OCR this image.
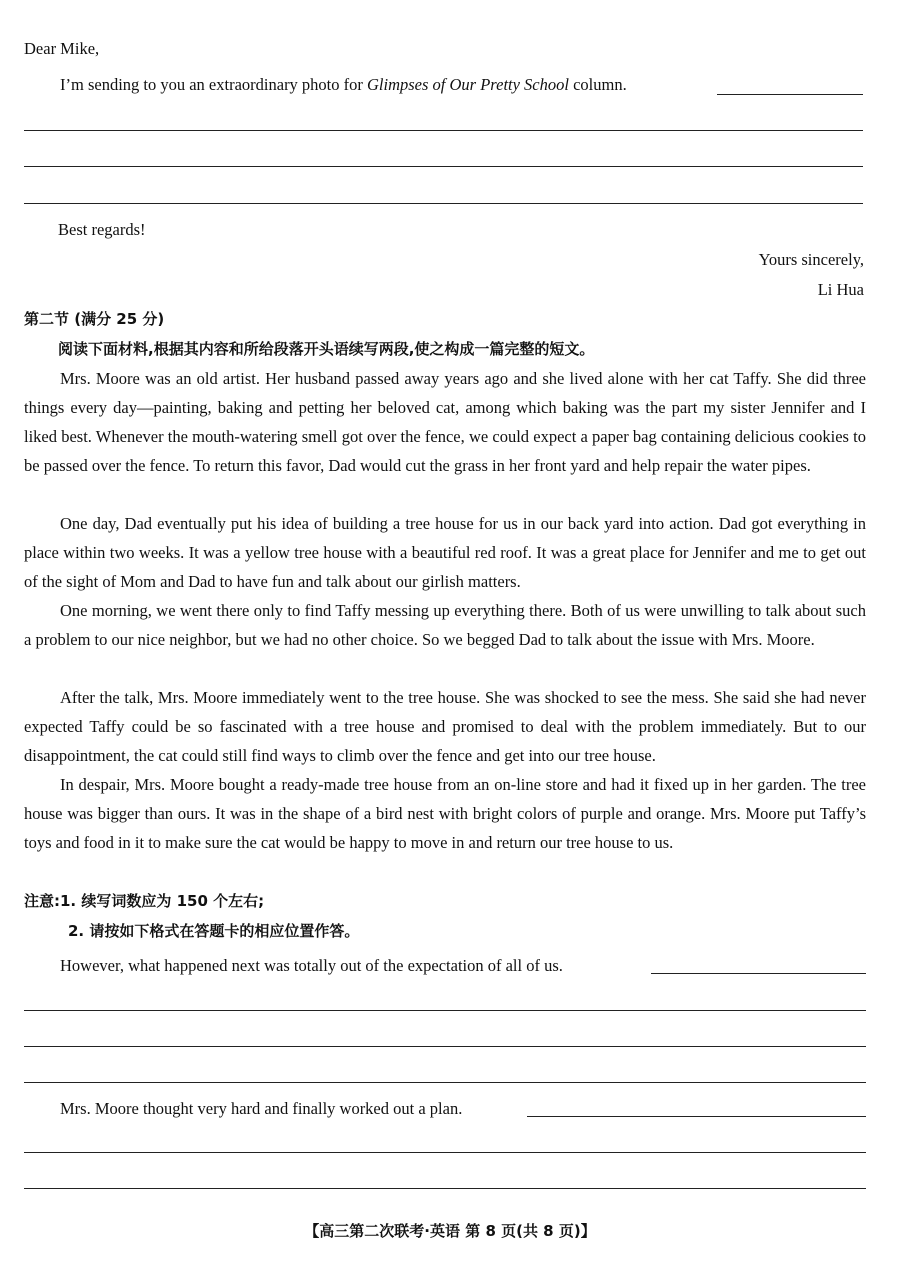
Dear Mike,
I’m sending to you an extraordinary photo for Glimpses of Our Pretty School column.
Best regards!
Yours sincerely,
Li Hua
第二节 (满分 25 分)
阅读下面材料,根据其内容和所给段落开头语续写两段,使之构成一篇完整的短文。

Mrs. Moore was an old artist. Her husband passed away years ago and she lived alone with her cat Taffy. She did three things every day—painting, baking and petting her beloved cat, among which baking was the part my sister Jennifer and I liked best. Whenever the mouth-watering smell got over the fence, we could expect a paper bag containing delicious cookies to be passed over the fence. To return this favor, Dad would cut the grass in her front yard and help repair the water pipes.

One day, Dad eventually put his idea of building a tree house for us in our back yard into action. Dad got everything in place within two weeks. It was a yellow tree house with a beautiful red roof. It was a great place for Jennifer and me to get out of the sight of Mom and Dad to have fun and talk about our girlish matters.

One morning, we went there only to find Taffy messing up everything there. Both of us were unwilling to talk about such a problem to our nice neighbor, but we had no other choice. So we begged Dad to talk about the issue with Mrs. Moore.

After the talk, Mrs. Moore immediately went to the tree house. She was shocked to see the mess. She said she had never expected Taffy could be so fascinated with a tree house and promised to deal with the problem immediately. But to our disappointment, the cat could still find ways to climb over the fence and get into our tree house.

In despair, Mrs. Moore bought a ready-made tree house from an on-line store and had it fixed up in her garden. The tree house was bigger than ours. It was in the shape of a bird nest with bright colors of purple and orange. Mrs. Moore put Taffy’s toys and food in it to make sure the cat would be happy to move in and return our tree house to us.

注意:1. 续写词数应为 150 个左右;
2. 请按如下格式在答题卡的相应位置作答。
However, what happened next was totally out of the expectation of all of us.
Mrs. Moore thought very hard and finally worked out a plan.
【高三第二次联考·英语 第 8 页(共 8 页)】
